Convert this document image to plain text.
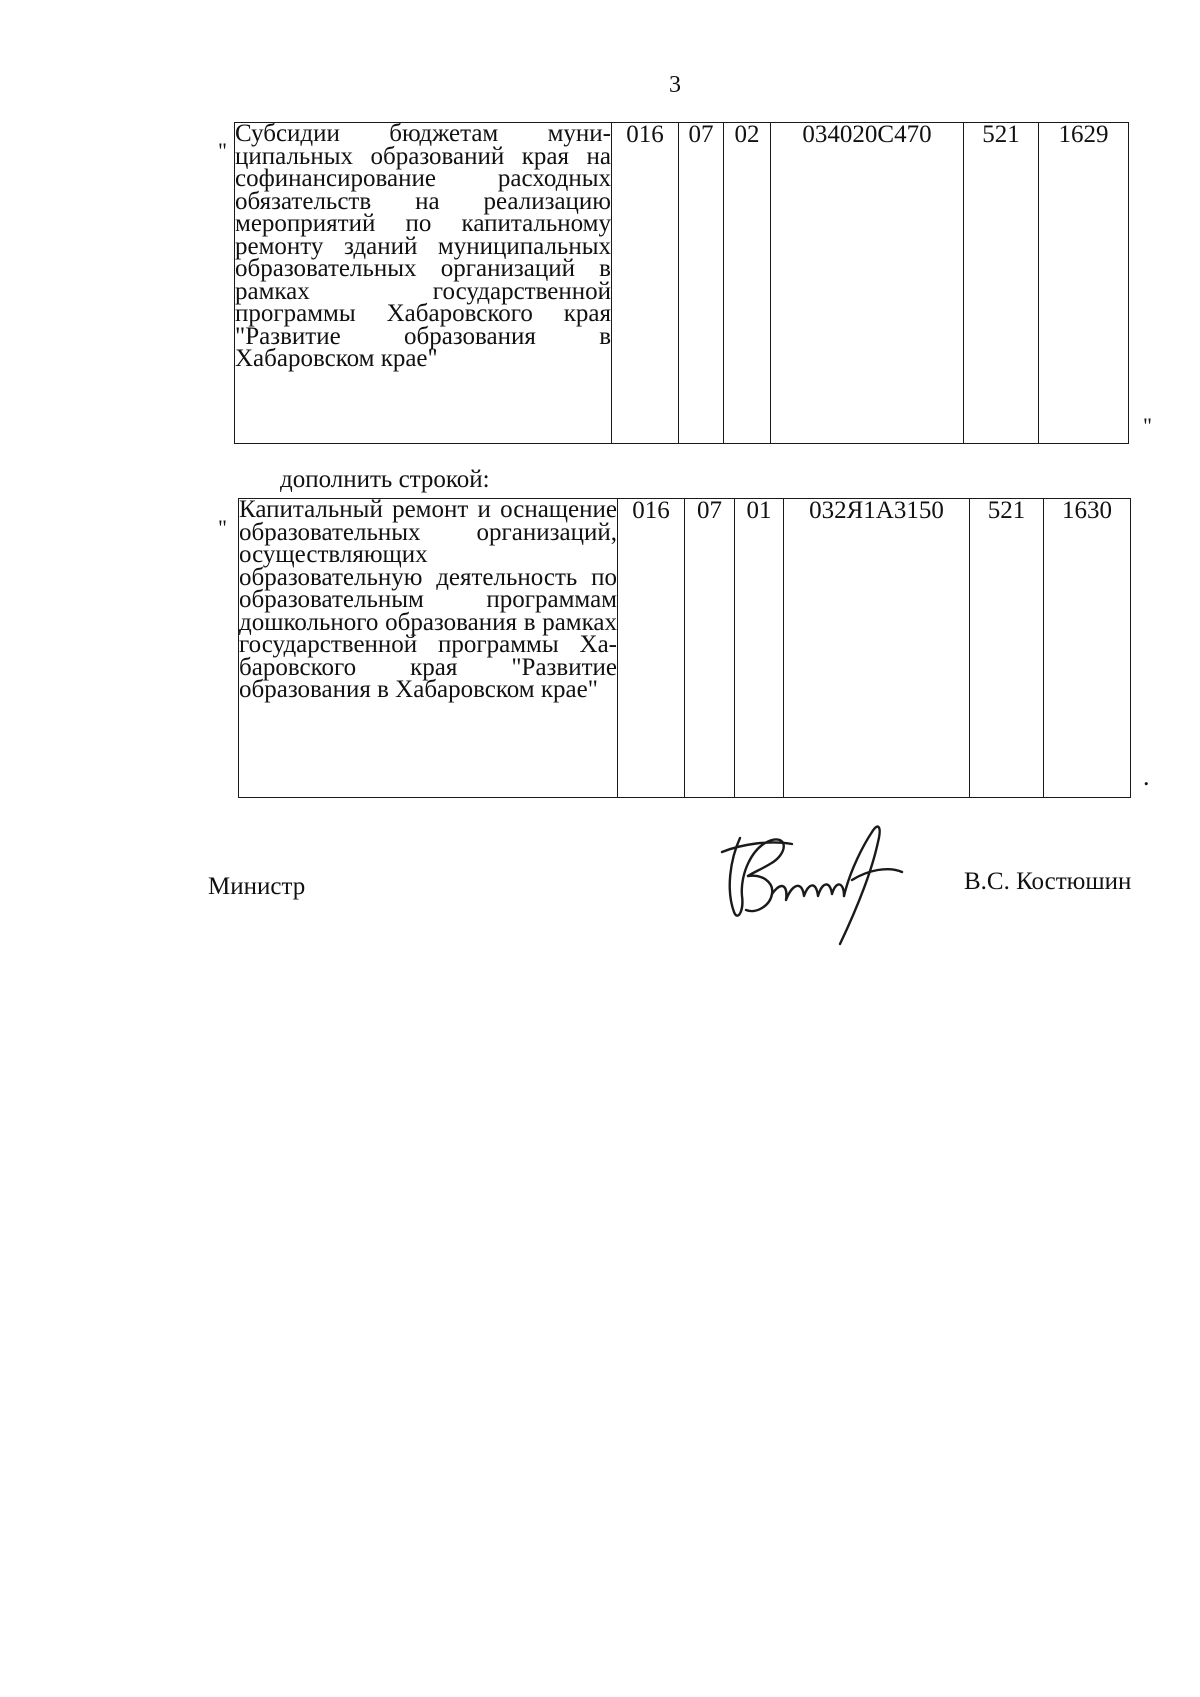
3
"
Субсидии бюджетам муниципальных образований края на софинансирование расходных обязательств на реализацию мероприятий по капитальному ремонту зданий муниципальных образовательных организаций в рамках государственной программы Хабаровского края "Развитие образования в Хабаровском крае"	016	07	02	034020С470	521	1629
"
дополнить строкой:
"
Капитальный ремонт и оснащение образовательных организаций, осуществляющих образовательную деятельность по образовательным программам дошкольного образования в рамках государственной программы Хабаровского края "Развитие образования в Хабаровском крае"	016	07	01	032Я1А3150	521	1630
.
Министр	В.С. Костюшин
